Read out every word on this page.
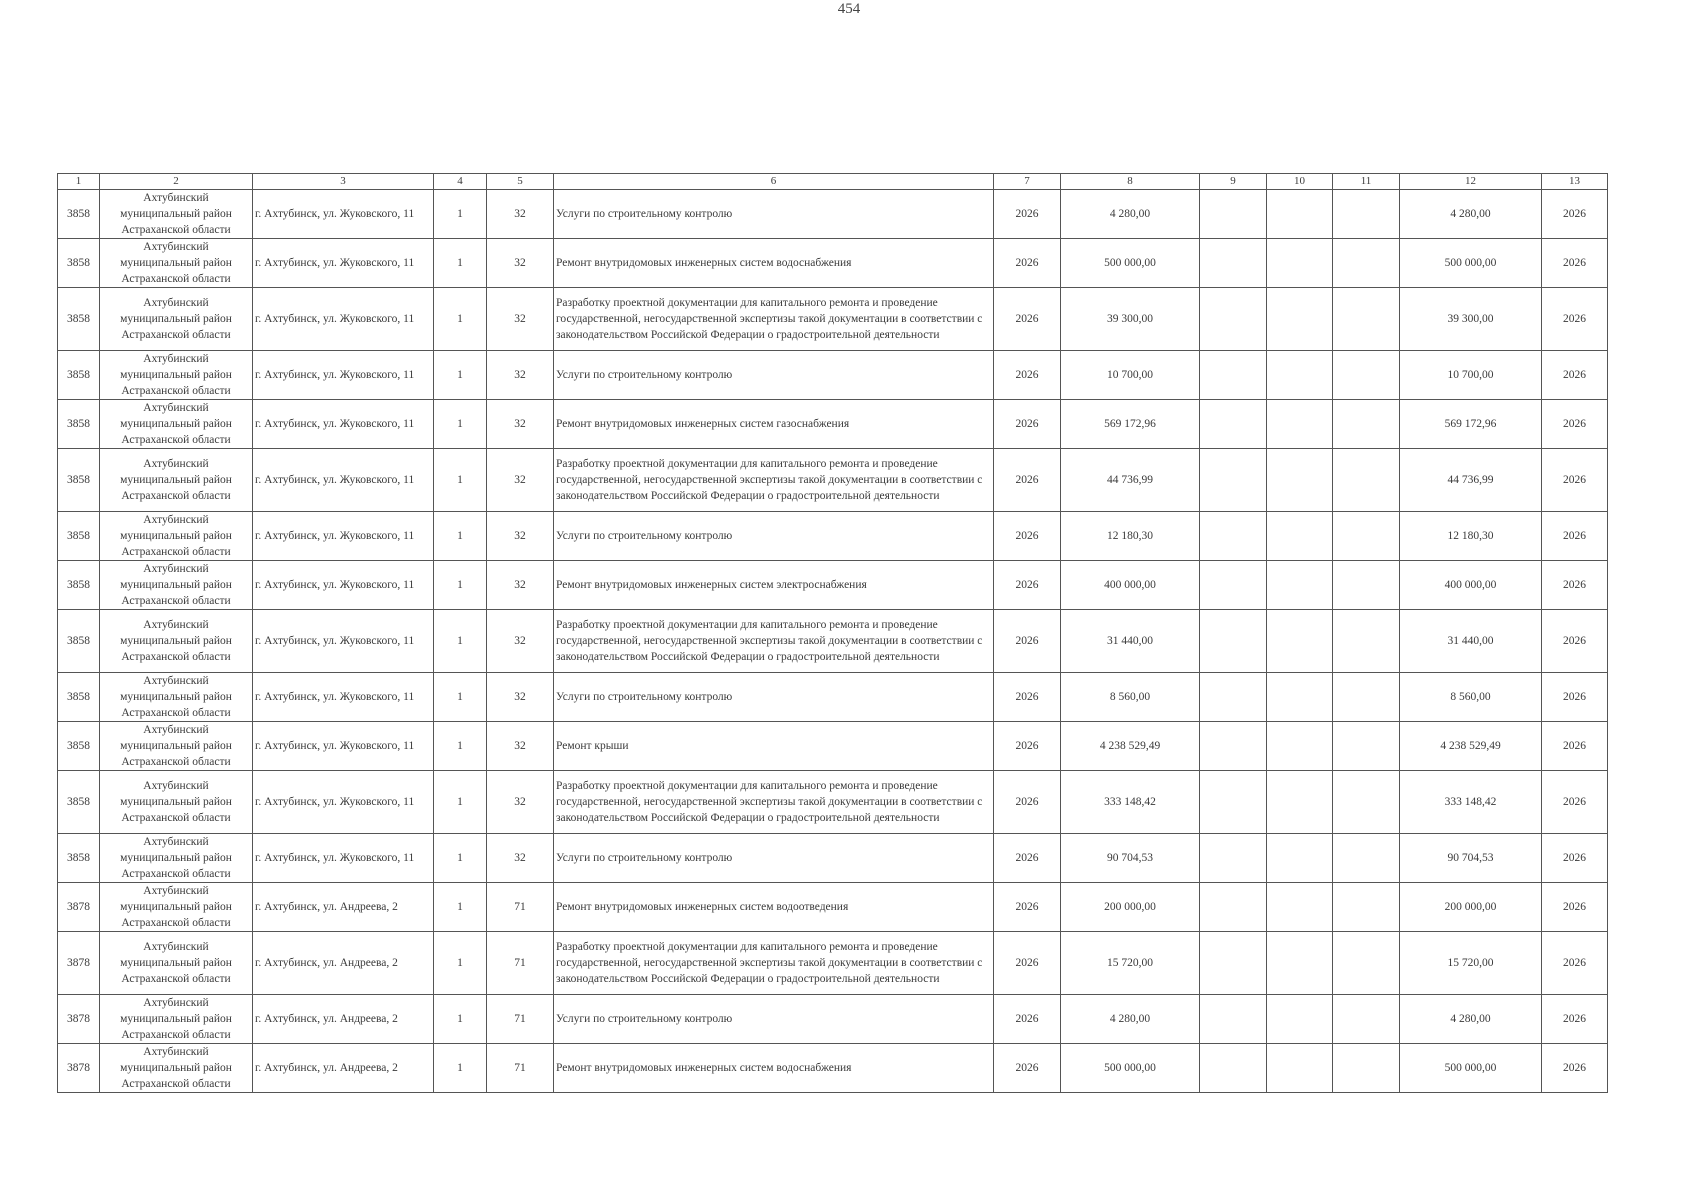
454
1	2	3	4	5	6	7	8	9	10	11	12	13
3858	Ахтубинский муниципальный район Астраханской области	г. Ахтубинск, ул. Жуковского, 11	1	32	Услуги по строительному контролю	2026	4 280,00				4 280,00	2026
3858	Ахтубинский муниципальный район Астраханской области	г. Ахтубинск, ул. Жуковского, 11	1	32	Ремонт внутридомовых инженерных систем водоснабжения	2026	500 000,00				500 000,00	2026
3858	Ахтубинский муниципальный район Астраханской области	г. Ахтубинск, ул. Жуковского, 11	1	32	Разработку проектной документации для капитального ремонта и проведение государственной, негосударственной экспертизы такой документации в соответствии с законодательством Российской Федерации о градостроительной деятельности	2026	39 300,00				39 300,00	2026
3858	Ахтубинский муниципальный район Астраханской области	г. Ахтубинск, ул. Жуковского, 11	1	32	Услуги по строительному контролю	2026	10 700,00				10 700,00	2026
3858	Ахтубинский муниципальный район Астраханской области	г. Ахтубинск, ул. Жуковского, 11	1	32	Ремонт внутридомовых инженерных систем газоснабжения	2026	569 172,96				569 172,96	2026
3858	Ахтубинский муниципальный район Астраханской области	г. Ахтубинск, ул. Жуковского, 11	1	32	Разработку проектной документации для капитального ремонта и проведение государственной, негосударственной экспертизы такой документации в соответствии с законодательством Российской Федерации о градостроительной деятельности	2026	44 736,99				44 736,99	2026
3858	Ахтубинский муниципальный район Астраханской области	г. Ахтубинск, ул. Жуковского, 11	1	32	Услуги по строительному контролю	2026	12 180,30				12 180,30	2026
3858	Ахтубинский муниципальный район Астраханской области	г. Ахтубинск, ул. Жуковского, 11	1	32	Ремонт внутридомовых инженерных систем электроснабжения	2026	400 000,00				400 000,00	2026
3858	Ахтубинский муниципальный район Астраханской области	г. Ахтубинск, ул. Жуковского, 11	1	32	Разработку проектной документации для капитального ремонта и проведение государственной, негосударственной экспертизы такой документации в соответствии с законодательством Российской Федерации о градостроительной деятельности	2026	31 440,00				31 440,00	2026
3858	Ахтубинский муниципальный район Астраханской области	г. Ахтубинск, ул. Жуковского, 11	1	32	Услуги по строительному контролю	2026	8 560,00				8 560,00	2026
3858	Ахтубинский муниципальный район Астраханской области	г. Ахтубинск, ул. Жуковского, 11	1	32	Ремонт крыши	2026	4 238 529,49				4 238 529,49	2026
3858	Ахтубинский муниципальный район Астраханской области	г. Ахтубинск, ул. Жуковского, 11	1	32	Разработку проектной документации для капитального ремонта и проведение государственной, негосударственной экспертизы такой документации в соответствии с законодательством Российской Федерации о градостроительной деятельности	2026	333 148,42				333 148,42	2026
3858	Ахтубинский муниципальный район Астраханской области	г. Ахтубинск, ул. Жуковского, 11	1	32	Услуги по строительному контролю	2026	90 704,53				90 704,53	2026
3878	Ахтубинский муниципальный район Астраханской области	г. Ахтубинск, ул. Андреева, 2	1	71	Ремонт внутридомовых инженерных систем водоотведения	2026	200 000,00				200 000,00	2026
3878	Ахтубинский муниципальный район Астраханской области	г. Ахтубинск, ул. Андреева, 2	1	71	Разработку проектной документации для капитального ремонта и проведение государственной, негосударственной экспертизы такой документации в соответствии с законодательством Российской Федерации о градостроительной деятельности	2026	15 720,00				15 720,00	2026
3878	Ахтубинский муниципальный район Астраханской области	г. Ахтубинск, ул. Андреева, 2	1	71	Услуги по строительному контролю	2026	4 280,00				4 280,00	2026
3878	Ахтубинский муниципальный район Астраханской области	г. Ахтубинск, ул. Андреева, 2	1	71	Ремонт внутридомовых инженерных систем водоснабжения	2026	500 000,00				500 000,00	2026
